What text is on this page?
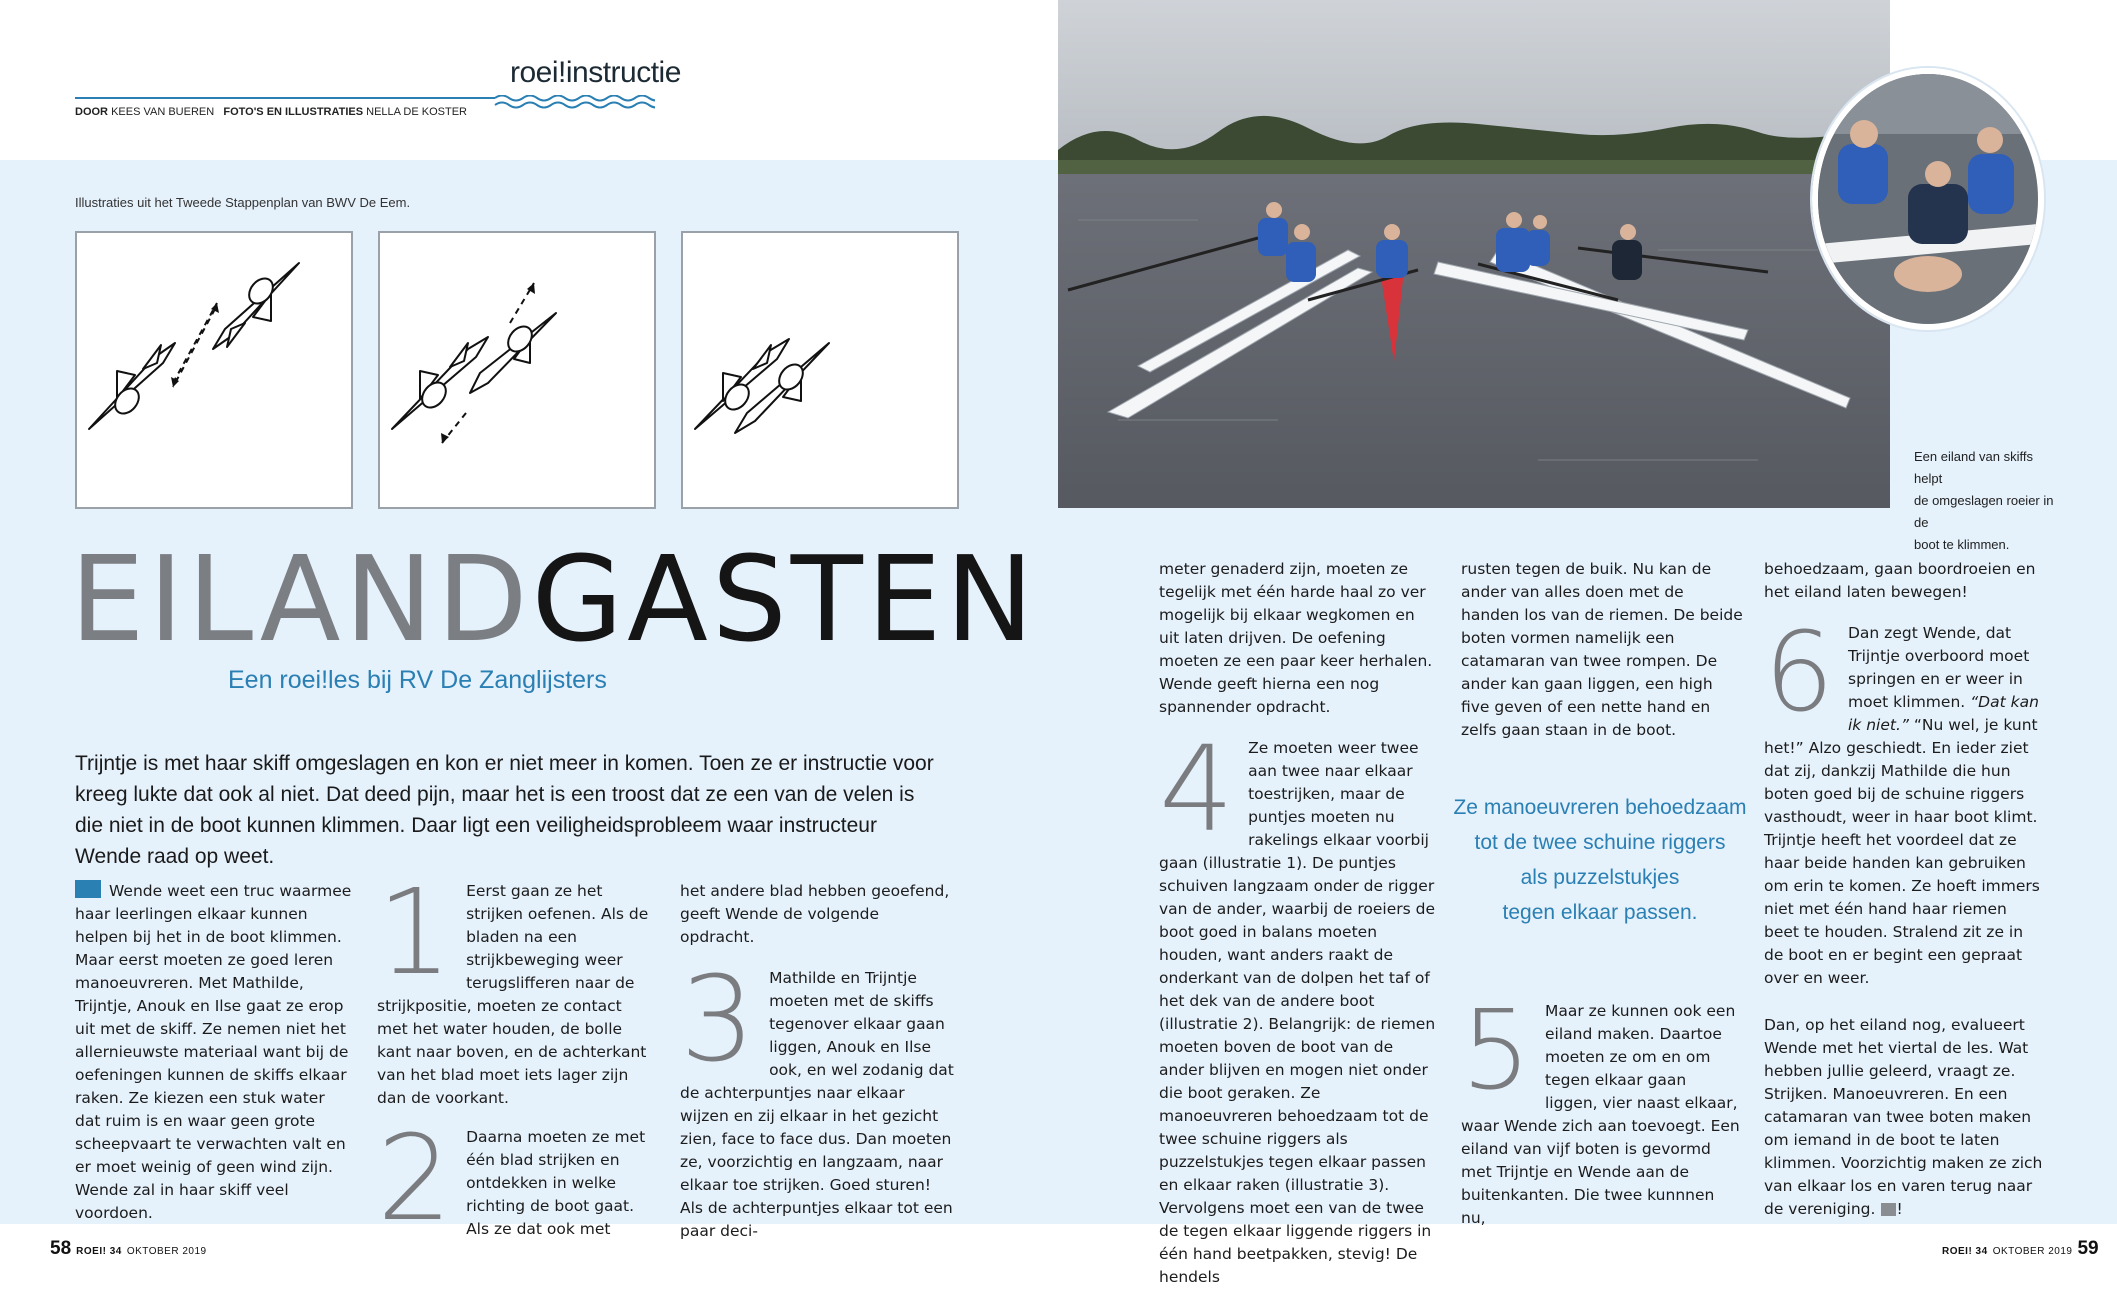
roei!instructie
DOOR KEES VAN BUEREN FOTO'S EN ILLUSTRATIES NELLA DE KOSTER
Illustraties uit het Tweede Stappenplan van BWV De Eem.
Een eiland van skiffs helpt
de omgeslagen roeier in de
boot te klimmen.
EILANDGASTEN
Een roei!les bij RV De Zanglijsters
Trijntje is met haar skiff omgeslagen en kon er niet meer in komen. Toen ze er instructie voor kreeg lukte dat ook al niet. Dat deed pijn, maar het is een troost dat ze een van de velen is die niet in de boot kunnen klimmen. Daar ligt een veiligheidsprobleem waar instructeur Wende raad op weet.

Wende weet een truc waarmee haar leerlingen elkaar kunnen helpen bij het in de boot klimmen. Maar eerst moeten ze goed leren manoeuvreren. Met Mathilde, Trijntje, Anouk en Ilse gaat ze erop uit met de skiff. Ze nemen niet het allernieuwste materiaal want bij de oefeningen kunnen de skiffs elkaar raken. Ze kiezen een stuk water dat ruim is en waar geen grote scheepvaart te verwachten valt en er moet weinig of geen wind zijn. Wende zal in haar skiff veel voordoen.

1 Eerst gaan ze het strijken oefenen. Als de bladen na een strijkbeweging weer terugslifferen naar de strijkpositie, moeten ze contact met het water houden, de bolle kant naar boven, en de achterkant van het blad moet iets lager zijn dan de voorkant.

2 Daarna moeten ze met één blad strijken en ontdekken in welke richting de boot gaat. Als ze dat ook met

het andere blad hebben geoefend, geeft Wende de volgende opdracht.

3 Mathilde en Trijntje moeten met de skiffs tegenover elkaar gaan liggen, Anouk en Ilse ook, en wel zodanig dat de achterpuntjes naar elkaar wijzen en zij elkaar in het gezicht zien, face to face dus. Dan moeten ze, voorzichtig en langzaam, naar elkaar toe strijken. Goed sturen! Als de achterpuntjes elkaar tot een paar deci-

meter genaderd zijn, moeten ze tegelijk met één harde haal zo ver mogelijk bij elkaar wegkomen en uit laten drijven. De oefening moeten ze een paar keer herhalen. Wende geeft hierna een nog spannender opdracht.

4 Ze moeten weer twee aan twee naar elkaar toestrijken, maar de puntjes moeten nu rakelings elkaar voorbij gaan (illustratie 1). De puntjes schuiven langzaam onder de rigger van de ander, waarbij de roeiers de boot goed in balans moeten houden, want anders raakt de onderkant van de dolpen het taf of het dek van de andere boot (illustratie 2). Belangrijk: de riemen moeten boven de boot van de ander blijven en mogen niet onder die boot geraken. Ze manoeuvreren behoedzaam tot de twee schuine riggers als puzzelstukjes tegen elkaar passen en elkaar raken (illustratie 3). Vervolgens moet een van de twee de tegen elkaar liggende riggers in één hand beetpakken, stevig! De hendels

rusten tegen de buik. Nu kan de ander van alles doen met de handen los van de riemen. De beide boten vormen namelijk een catamaran van twee rompen. De ander kan gaan liggen, een high five geven of een nette hand en zelfs gaan staan in de boot.

Ze manoeuvreren behoedzaam
tot de twee schuine riggers
als puzzelstukjes
tegen elkaar passen.

5 Maar ze kunnen ook een eiland maken. Daartoe moeten ze om en om tegen elkaar gaan liggen, vier naast elkaar, waar Wende zich aan toevoegt. Een eiland van vijf boten is gevormd met Trijntje en Wende aan de buitenkanten. Die twee kunnnen nu,

behoedzaam, gaan boordroeien en het eiland laten bewegen!

6 Dan zegt Wende, dat Trijntje overboord moet springen en er weer in moet klimmen. “Dat kan ik niet.” “Nu wel, je kunt het!” Alzo geschiedt. En ieder ziet dat zij, dankzij Mathilde die hun boten goed bij de schuine riggers vasthoudt, weer in haar boot klimt. Trijntje heeft het voordeel dat ze haar beide handen kan gebruiken om erin te komen. Ze hoeft immers niet met één hand haar riemen beet te houden. Stralend zit ze in de boot en er begint een gepraat over en weer.

Dan, op het eiland nog, evalueert Wende met het viertal de les. Wat hebben jullie geleerd, vraagt ze. Strijken. Manoeuvreren. En een catamaran van twee boten maken om iemand in de boot te laten klimmen. Voorzichtig maken ze zich van elkaar los en varen terug naar de vereniging. !

58 ROEI! 34 OKTOBER 2019	ROEI! 34 OKTOBER 2019 59
